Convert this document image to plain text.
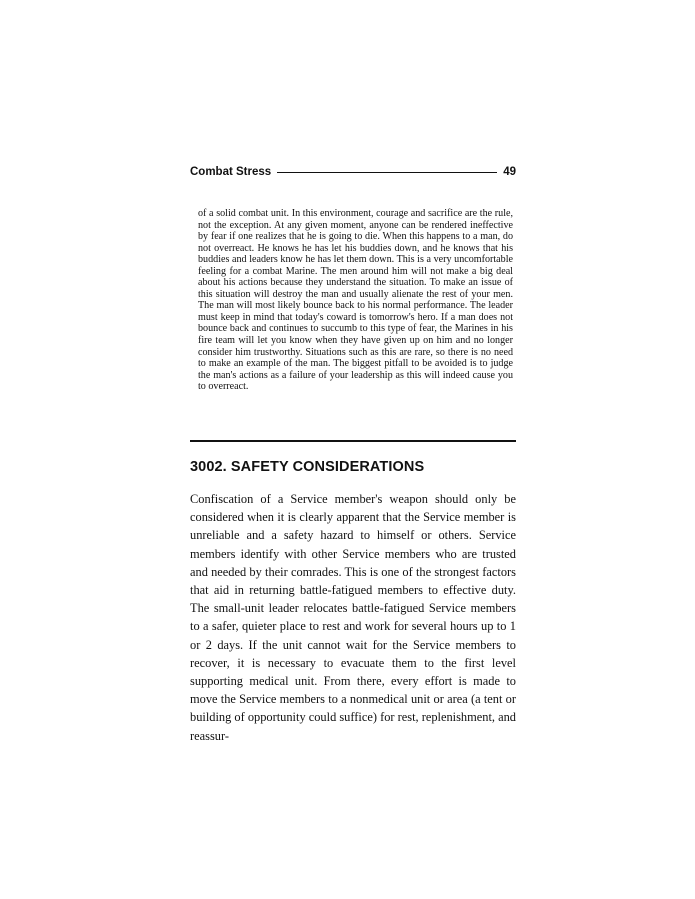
Combat Stress	49

of a solid combat unit. In this environment, courage and sacrifice are the rule, not the exception. At any given moment, anyone can be rendered ineffective by fear if one realizes that he is going to die. When this happens to a man, do not overreact. He knows he has let his buddies down, and he knows that his buddies and leaders know he has let them down. This is a very uncomfortable feeling for a combat Marine. The men around him will not make a big deal about his actions because they understand the situation. To make an issue of this situation will destroy the man and usually alienate the rest of your men. The man will most likely bounce back to his normal performance. The leader must keep in mind that today's coward is tomorrow's hero. If a man does not bounce back and continues to succumb to this type of fear, the Marines in his fire team will let you know when they have given up on him and no longer consider him trustworthy. Situations such as this are rare, so there is no need to make an example of the man. The biggest pitfall to be avoided is to judge the man's actions as a failure of your leadership as this will indeed cause you to overreact.

3002. SAFETY CONSIDERATIONS

Confiscation of a Service member's weapon should only be considered when it is clearly apparent that the Service member is unreliable and a safety hazard to himself or others. Service members identify with other Service members who are trusted and needed by their comrades. This is one of the strongest factors that aid in returning battle-fatigued members to effective duty. The small-unit leader relocates battle-fatigued Service members to a safer, quieter place to rest and work for several hours up to 1 or 2 days. If the unit cannot wait for the Service members to recover, it is necessary to evacuate them to the first level supporting medical unit. From there, every effort is made to move the Service members to a nonmedical unit or area (a tent or building of opportunity could suffice) for rest, replenishment, and reassur-
